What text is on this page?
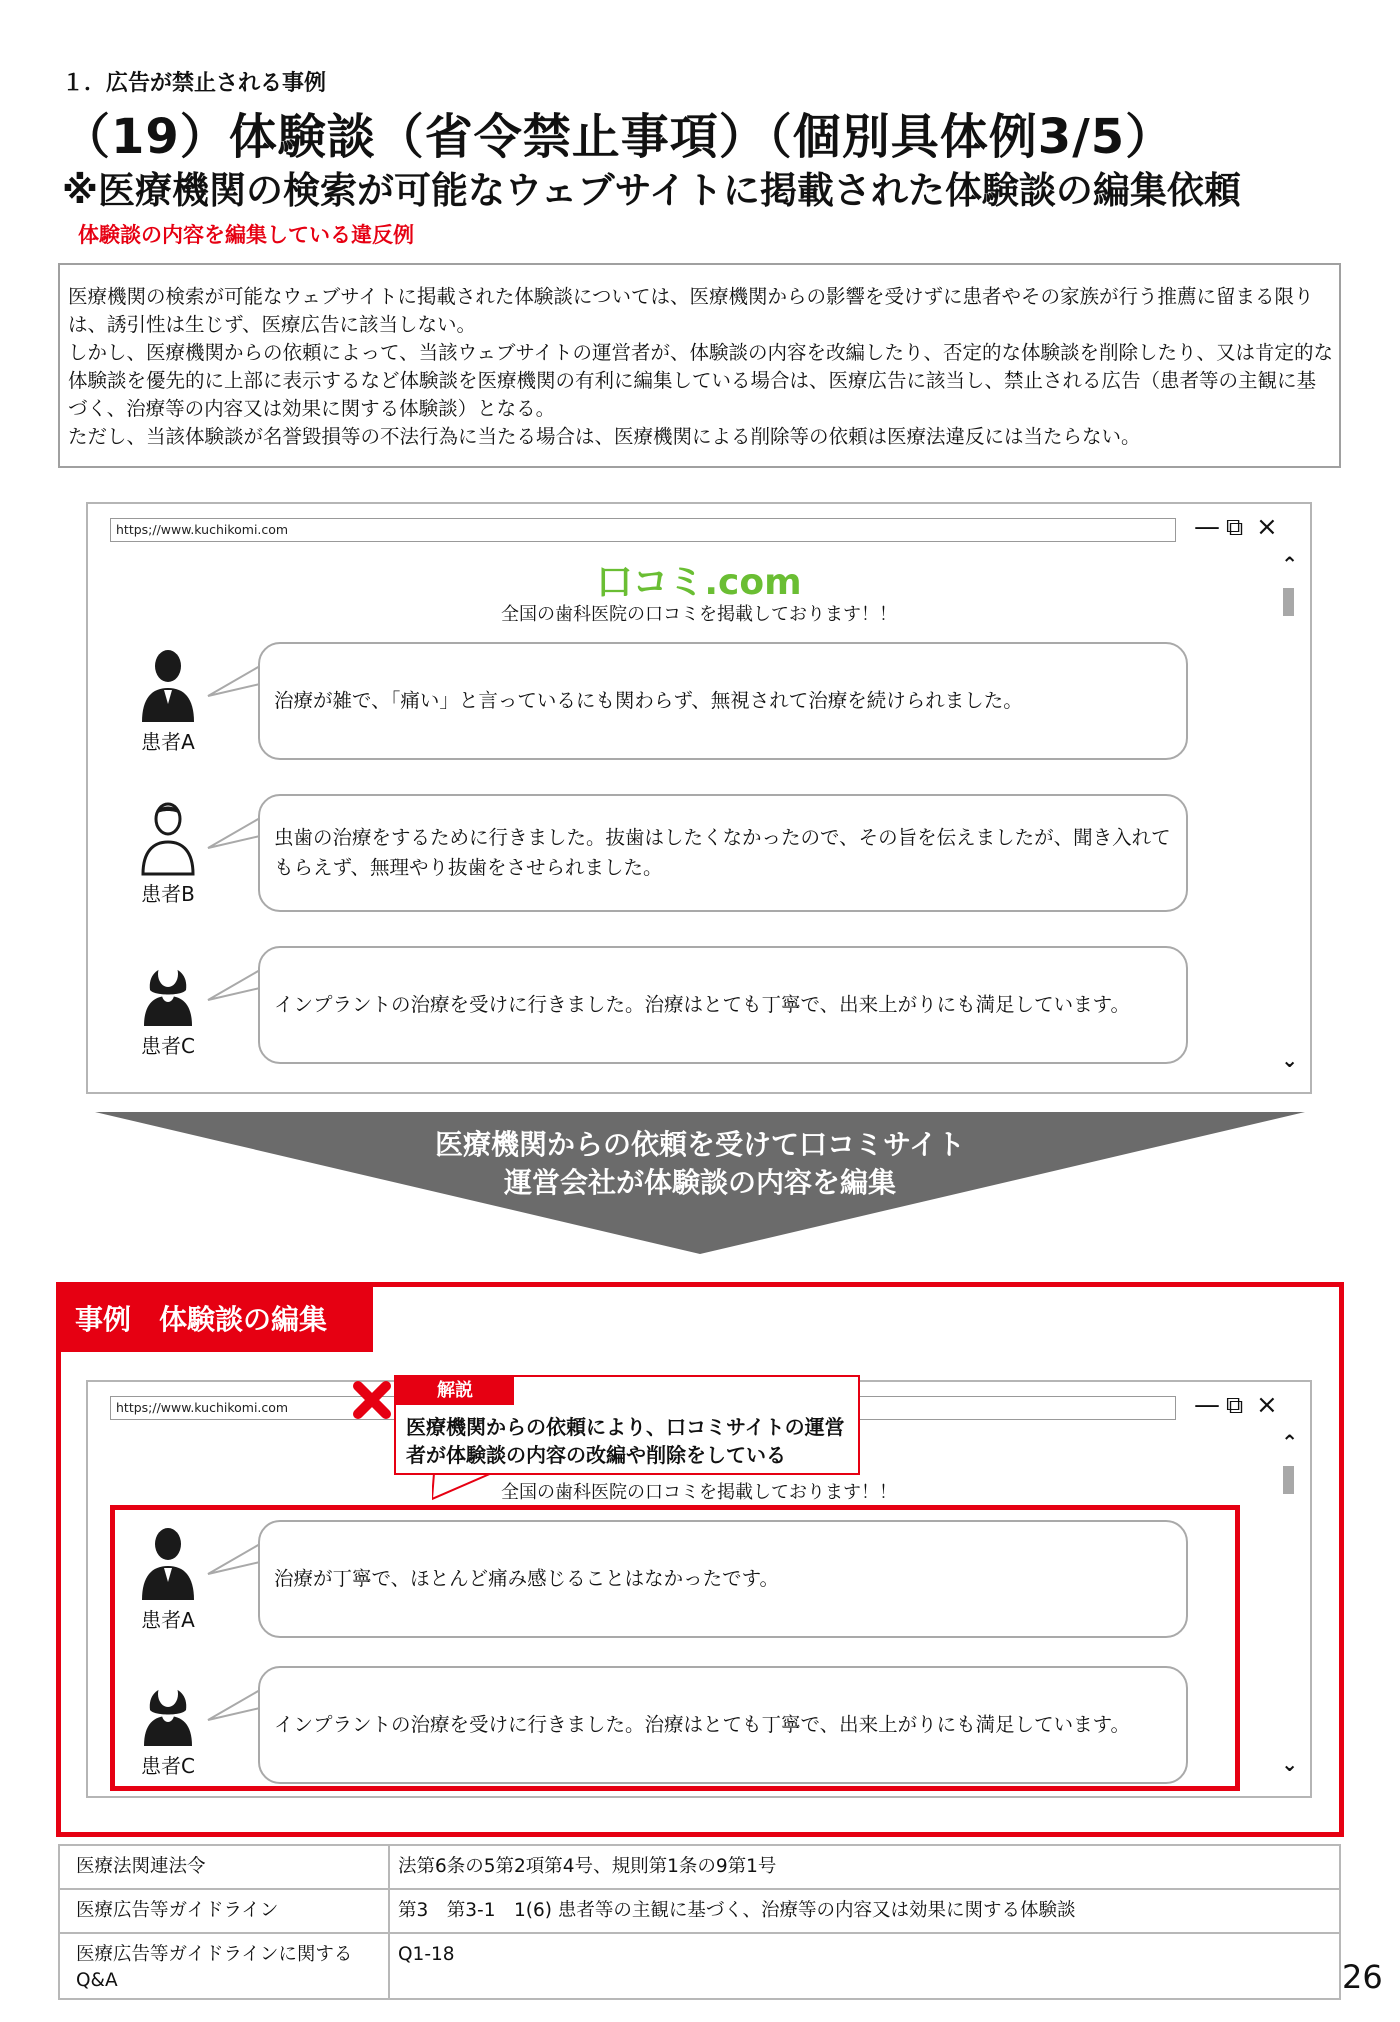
１．広告が禁止される事例
（19）体験談（省令禁止事項）（個別具体例3/5）
※医療機関の検索が可能なウェブサイトに掲載された体験談の編集依頼
体験談の内容を編集している違反例

医療機関の検索が可能なウェブサイトに掲載された体験談については、医療機関からの影響を受けずに患者やその家族が行う推薦に留まる限りは、誘引性は生じず、医療広告に該当しない。

しかし、医療機関からの依頼によって、当該ウェブサイトの運営者が、体験談の内容を改編したり、否定的な体験談を削除したり、又は肯定的な体験談を優先的に上部に表示するなど体験談を医療機関の有利に編集している場合は、医療広告に該当し、禁止される広告（患者等の主観に基づく、治療等の内容又は効果に関する体験談）となる。

ただし、当該体験談が名誉毀損等の不法行為に当たる場合は、医療機関による削除等の依頼は医療法違反には当たらない。

https;//www.kuchikomi.com	— ⧉ ×
⌃
⌄
口コミ.com
全国の歯科医院の口コミを掲載しております！！
患者A
治療が雑で、「痛い」と言っているにも関わらず、無視されて治療を続けられました。
患者B
虫歯の治療をするために行きました。抜歯はしたくなかったので、その旨を伝えましたが、聞き入れてもらえず、無理やり抜歯をさせられました。
患者C
インプラントの治療を受けに行きました。治療はとても丁寧で、出来上がりにも満足しています。
医療機関からの依頼を受けて口コミサイト
運営会社が体験談の内容を編集
事例　体験談の編集
https;//www.kuchikomi.com	— ⧉ ×
⌃
⌄
全国の歯科医院の口コミを掲載しております！！
患者A
治療が丁寧で、ほとんど痛み感じることはなかったです。
患者C
インプラントの治療を受けに行きました。治療はとても丁寧で、出来上がりにも満足しています。
解説
医療機関からの依頼により、口コミサイトの運営者が体験談の内容の改編や削除をしている
医療法関連法令	法第6条の5第2項第4号、規則第1条の9第1号
医療広告等ガイドライン	第3　第3-1　1(6) 患者等の主観に基づく、治療等の内容又は効果に関する体験談
医療広告等ガイドラインに関する
Q&A	Q1-18
26
